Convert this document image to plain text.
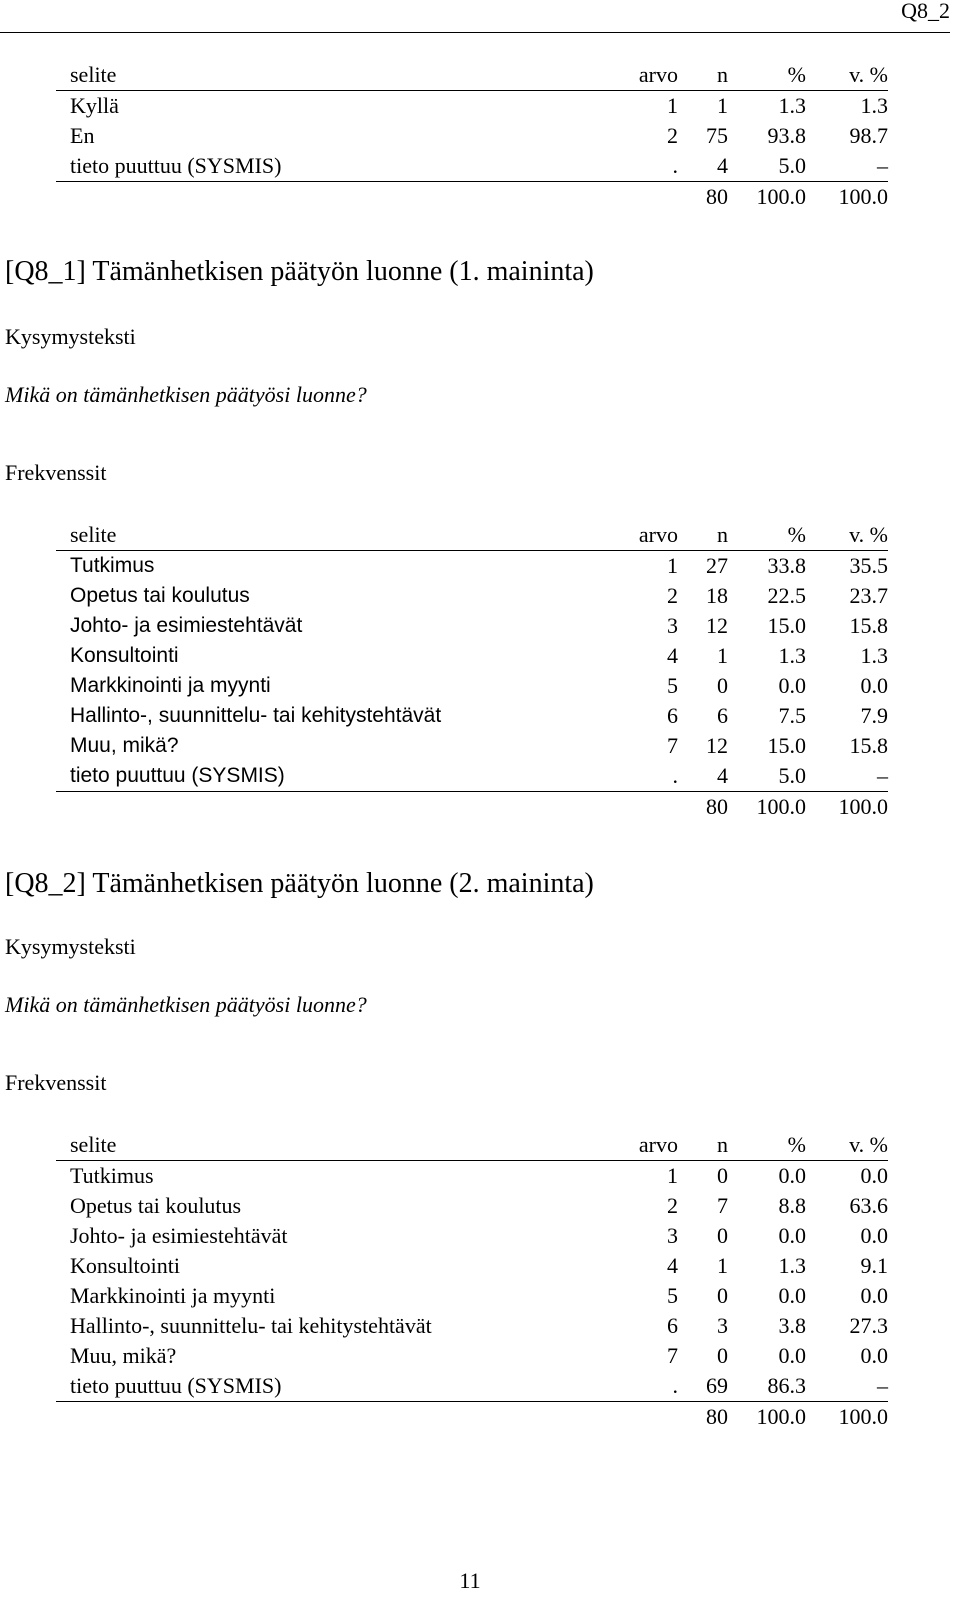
Q8_2
selite	arvo	n	%	v. %
Kyllä	1	1	1.3	1.3
En	2	75	93.8	98.7
tieto puuttuu (SYSMIS)	.	4	5.0	–
		80	100.0	100.0
[Q8_1] Tämänhetkisen päätyön luonne (1. maininta)
Kysymysteksti
Mikä on tämänhetkisen päätyösi luonne?
Frekvenssit
selite	arvo	n	%	v. %
Tutkimus	1	27	33.8	35.5
Opetus tai koulutus	2	18	22.5	23.7
Johto- ja esimiestehtävät	3	12	15.0	15.8
Konsultointi	4	1	1.3	1.3
Markkinointi ja myynti	5	0	0.0	0.0
Hallinto-, suunnittelu- tai kehitystehtävät	6	6	7.5	7.9
Muu, mikä?	7	12	15.0	15.8
tieto puuttuu (SYSMIS)	.	4	5.0	–
		80	100.0	100.0
[Q8_2] Tämänhetkisen päätyön luonne (2. maininta)
Kysymysteksti
Mikä on tämänhetkisen päätyösi luonne?
Frekvenssit
selite	arvo	n	%	v. %
Tutkimus	1	0	0.0	0.0
Opetus tai koulutus	2	7	8.8	63.6
Johto- ja esimiestehtävät	3	0	0.0	0.0
Konsultointi	4	1	1.3	9.1
Markkinointi ja myynti	5	0	0.0	0.0
Hallinto-, suunnittelu- tai kehitystehtävät	6	3	3.8	27.3
Muu, mikä?	7	0	0.0	0.0
tieto puuttuu (SYSMIS)	.	69	86.3	–
		80	100.0	100.0
11
